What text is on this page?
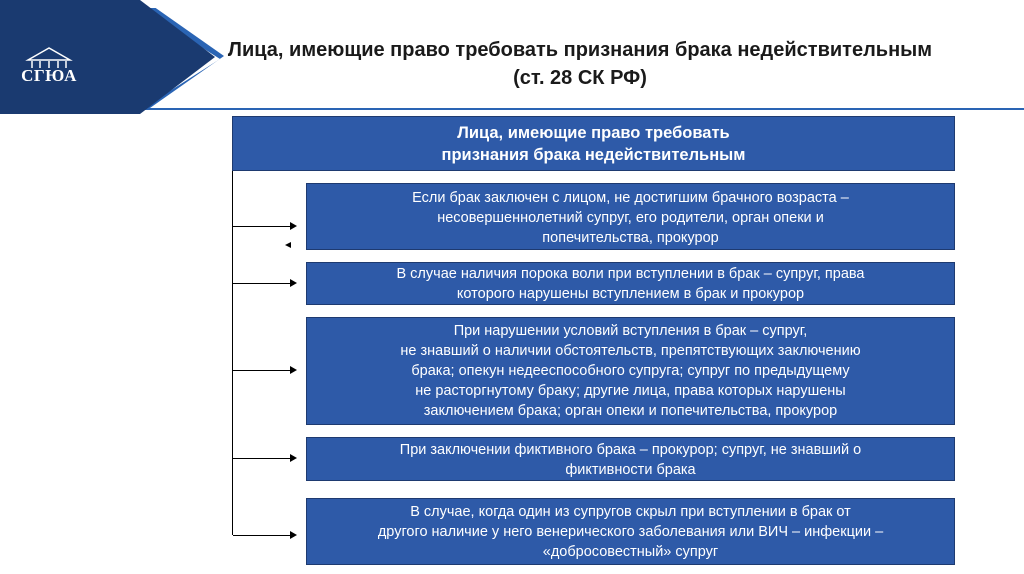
СГЮА
Лица, имеющие право требовать признания брака недействительным
(ст. 28 СК РФ)
Лица, имеющие право требовать
признания брака недействительным
Если брак заключен с лицом, не достигшим брачного возраста –
несовершеннолетний супруг, его родители, орган опеки и
попечительства, прокурор
В случае наличия порока воли при вступлении в брак – супруг, права
которого нарушены вступлением в брак и прокурор
При нарушении условий вступления в брак – супруг,
не знавший о наличии обстоятельств, препятствующих заключению
брака; опекун недееспособного супруга; супруг по предыдущему
не расторгнутому браку; другие лица, права которых нарушены
заключением брака; орган опеки и попечительства, прокурор
При заключении фиктивного брака – прокурор; супруг, не знавший о
фиктивности брака
В случае, когда один из супругов скрыл при вступлении в брак от
другого наличие у него венерического заболевания или ВИЧ – инфекции –
«добросовестный» супруг
